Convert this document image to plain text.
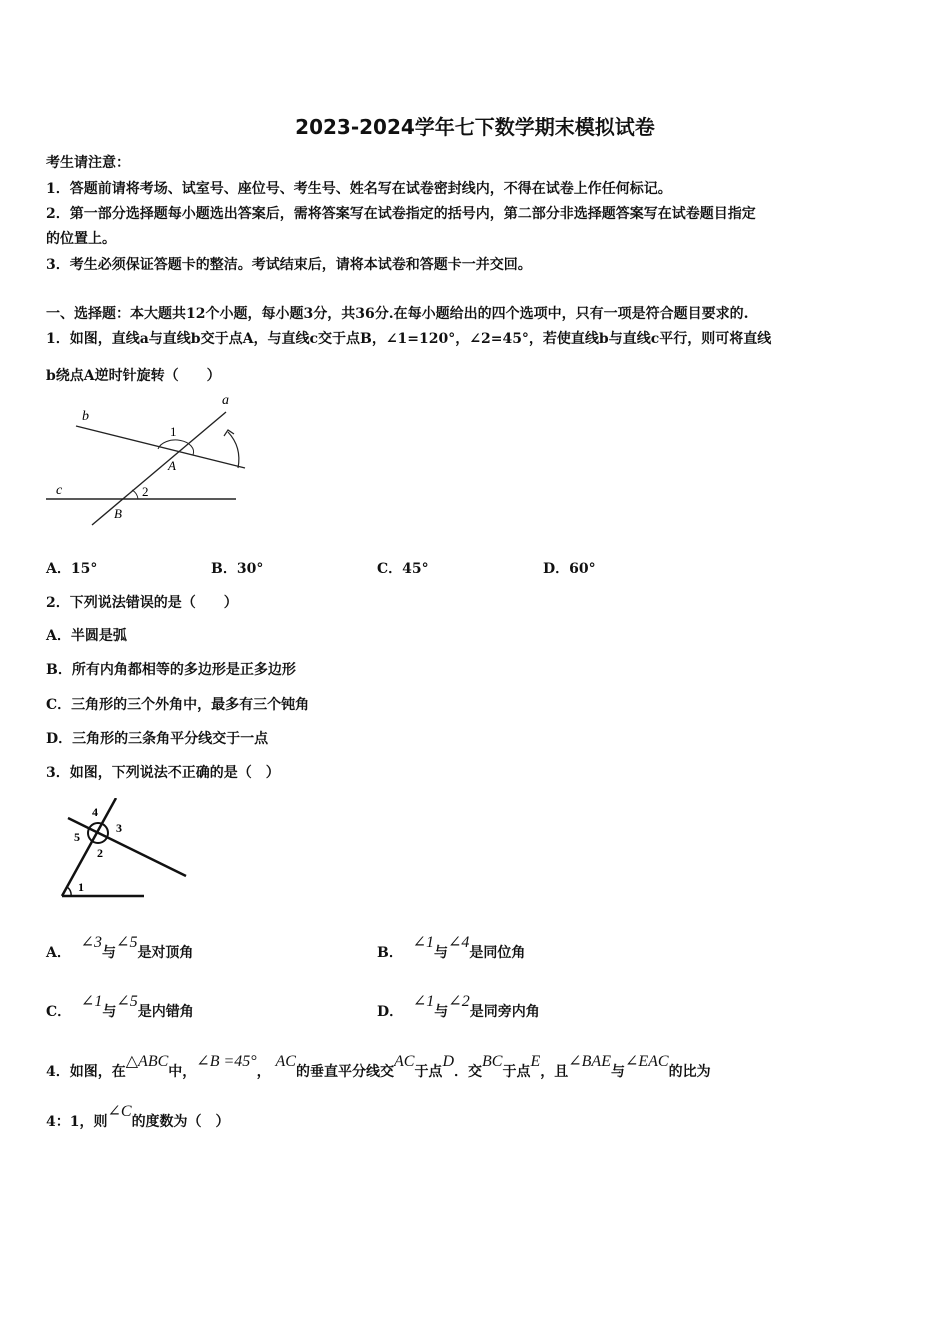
2023-2024学年七下数学期末模拟试卷
考生请注意：
1．答题前请将考场、试室号、座位号、考生号、姓名写在试卷密封线内，不得在试卷上作任何标记。
2．第一部分选择题每小题选出答案后，需将答案写在试卷指定的括号内，第二部分非选择题答案写在试卷题目指定
的位置上。
3．考生必须保证答题卡的整洁。考试结束后，请将本试卷和答题卡一并交回。
一、选择题：本大题共12个小题，每小题3分，共36分.在每小题给出的四个选项中，只有一项是符合题目要求的.
1．如图，直线a与直线b交于点A，与直线c交于点B，∠1=120°，∠2=45°，若使直线b与直线c平行，则可将直线
b绕点A逆时针旋转（　　）
a
b
c
A
B
1
2
A．15°	B．30°	C．45°	D．60°
2．下列说法错误的是（　　）
A．半圆是弧
B．所有内角都相等的多边形是正多边形
C．三角形的三个外角中，最多有三个钝角
D．三角形的三条角平分线交于一点
3．如图，下列说法不正确的是（　）
1
2
3
4
5
A．  ∠3与∠5是对顶角	B．  ∠1与∠4是同位角
C．  ∠1与∠5是内错角	D．  ∠1与∠2是同旁内角
4．如图，在△ABC中，∠B =45°， AC的垂直平分线交AC于点D．交BC于点E，且∠BAE与∠EAC的比为
4：1，则∠C的度数为（　）
